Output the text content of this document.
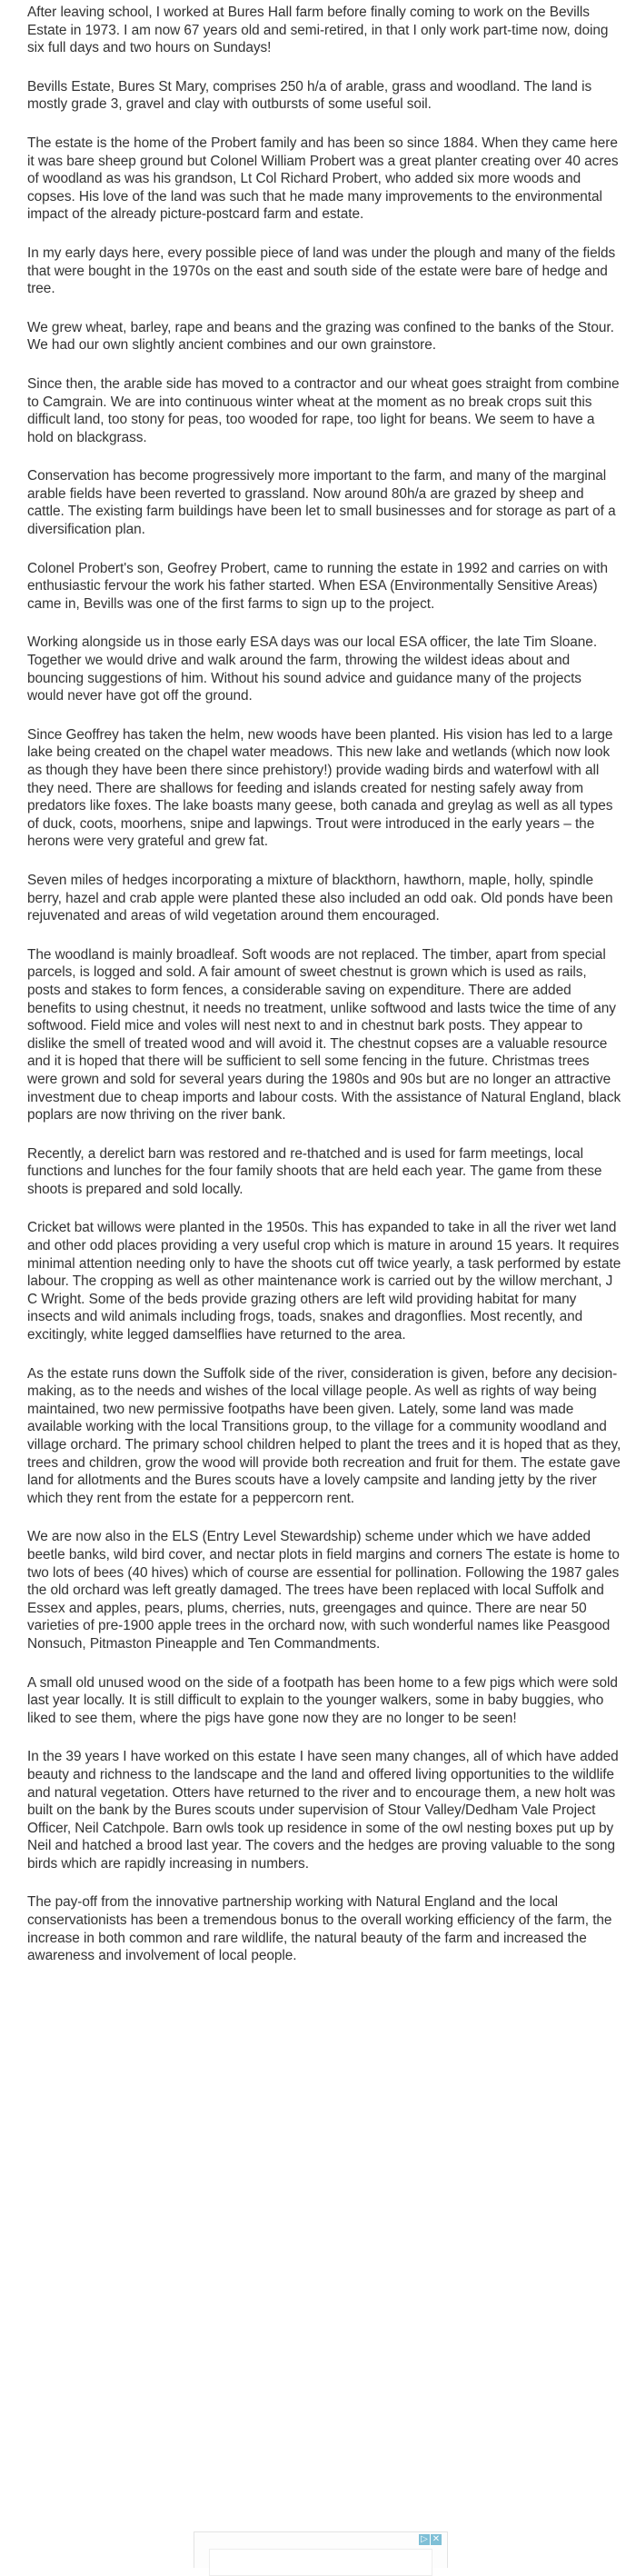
After leaving school, I worked at Bures Hall farm before finally coming to work on the Bevills Estate in 1973. I am now 67 years old and semi-retired, in that I only work part-time now, doing six full days and two hours on Sundays!

Bevills Estate, Bures St Mary, comprises 250 h/a of arable, grass and woodland. The land is mostly grade 3, gravel and clay with outbursts of some useful soil.

The estate is the home of the Probert family and has been so since 1884. When they came here it was bare sheep ground but Colonel William Probert was a great planter creating over 40 acres of woodland as was his grandson, Lt Col Richard Probert, who added six more woods and copses. His love of the land was such that he made many improvements to the environmental impact of the already picture-postcard farm and estate.

In my early days here, every possible piece of land was under the plough and many of the fields that were bought in the 1970s on the east and south side of the estate were bare of hedge and tree.

We grew wheat, barley, rape and beans and the grazing was confined to the banks of the Stour. We had our own slightly ancient combines and our own grainstore.

Since then, the arable side has moved to a contractor and our wheat goes straight from combine to Camgrain. We are into continuous winter wheat at the moment as no break crops suit this difficult land, too stony for peas, too wooded for rape, too light for beans. We seem to have a hold on blackgrass.

Conservation has become progressively more important to the farm, and many of the marginal arable fields have been reverted to grassland. Now around 80h/a are grazed by sheep and cattle. The existing farm buildings have been let to small businesses and for storage as part of a diversification plan.

Colonel Probert's son, Geofrey Probert, came to running the estate in 1992 and carries on with enthusiastic fervour the work his father started. When ESA (Environmentally Sensitive Areas) came in, Bevills was one of the first farms to sign up to the project.

Working alongside us in those early ESA days was our local ESA officer, the late Tim Sloane. Together we would drive and walk around the farm, throwing the wildest ideas about and bouncing suggestions of him. Without his sound advice and guidance many of the projects would never have got off the ground.

Since Geoffrey has taken the helm, new woods have been planted. His vision has led to a large lake being created on the chapel water meadows. This new lake and wetlands (which now look as though they have been there since prehistory!) provide wading birds and waterfowl with all they need. There are shallows for feeding and islands created for nesting safely away from predators like foxes. The lake boasts many geese, both canada and greylag as well as all types of duck, coots, moorhens, snipe and lapwings. Trout were introduced in the early years – the herons were very grateful and grew fat.

Seven miles of hedges incorporating a mixture of blackthorn, hawthorn, maple, holly, spindle berry, hazel and crab apple were planted these also included an odd oak. Old ponds have been rejuvenated and areas of wild vegetation around them encouraged.

The woodland is mainly broadleaf. Soft woods are not replaced. The timber, apart from special parcels, is logged and sold. A fair amount of sweet chestnut is grown which is used as rails, posts and stakes to form fences, a considerable saving on expenditure. There are added benefits to using chestnut, it needs no treatment, unlike softwood and lasts twice the time of any softwood. Field mice and voles will nest next to and in chestnut bark posts. They appear to dislike the smell of treated wood and will avoid it. The chestnut copses are a valuable resource and it is hoped that there will be sufficient to sell some fencing in the future. Christmas trees were grown and sold for several years during the 1980s and 90s but are no longer an attractive investment due to cheap imports and labour costs. With the assistance of Natural England, black poplars are now thriving on the river bank.

Recently, a derelict barn was restored and re-thatched and is used for farm meetings, local functions and lunches for the four family shoots that are held each year. The game from these shoots is prepared and sold locally.

Cricket bat willows were planted in the 1950s. This has expanded to take in all the river wet land and other odd places providing a very useful crop which is mature in around 15 years. It requires minimal attention needing only to have the shoots cut off twice yearly, a task performed by estate labour. The cropping as well as other maintenance work is carried out by the willow merchant, J C Wright. Some of the beds provide grazing others are left wild providing habitat for many insects and wild animals including frogs, toads, snakes and dragonflies. Most recently, and excitingly, white legged damselflies have returned to the area.

As the estate runs down the Suffolk side of the river, consideration is given, before any decision-making, as to the needs and wishes of the local village people. As well as rights of way being maintained, two new permissive footpaths have been given. Lately, some land was made available working with the local Transitions group, to the village for a community woodland and village orchard. The primary school children helped to plant the trees and it is hoped that as they, trees and children, grow the wood will provide both recreation and fruit for them. The estate gave land for allotments and the Bures scouts have a lovely campsite and landing jetty by the river which they rent from the estate for a peppercorn rent.

We are now also in the ELS (Entry Level Stewardship) scheme under which we have added beetle banks, wild bird cover, and nectar plots in field margins and corners The estate is home to two lots of bees (40 hives) which of course are essential for pollination. Following the 1987 gales the old orchard was left greatly damaged. The trees have been replaced with local Suffolk and Essex and apples, pears, plums, cherries, nuts, greengages and quince. There are near 50 varieties of pre-1900 apple trees in the orchard now, with such wonderful names like Peasgood Nonsuch, Pitmaston Pineapple and Ten Commandments.

A small old unused wood on the side of a footpath has been home to a few pigs which were sold last year locally. It is still difficult to explain to the younger walkers, some in baby buggies, who liked to see them, where the pigs have gone now they are no longer to be seen!

In the 39 years I have worked on this estate I have seen many changes, all of which have added beauty and richness to the landscape and the land and offered living opportunities to the wildlife and natural vegetation. Otters have returned to the river and to encourage them, a new holt was built on the bank by the Bures scouts under supervision of Stour Valley/Dedham Vale Project Officer, Neil Catchpole. Barn owls took up residence in some of the owl nesting boxes put up by Neil and hatched a brood last year. The covers and the hedges are proving valuable to the song birds which are rapidly increasing in numbers.

The pay-off from the innovative partnership working with Natural England and the local conservationists has been a tremendous bonus to the overall working efficiency of the farm, the increase in both common and rare wildlife, the natural beauty of the farm and increased the awareness and involvement of local people.

▷ ✕
